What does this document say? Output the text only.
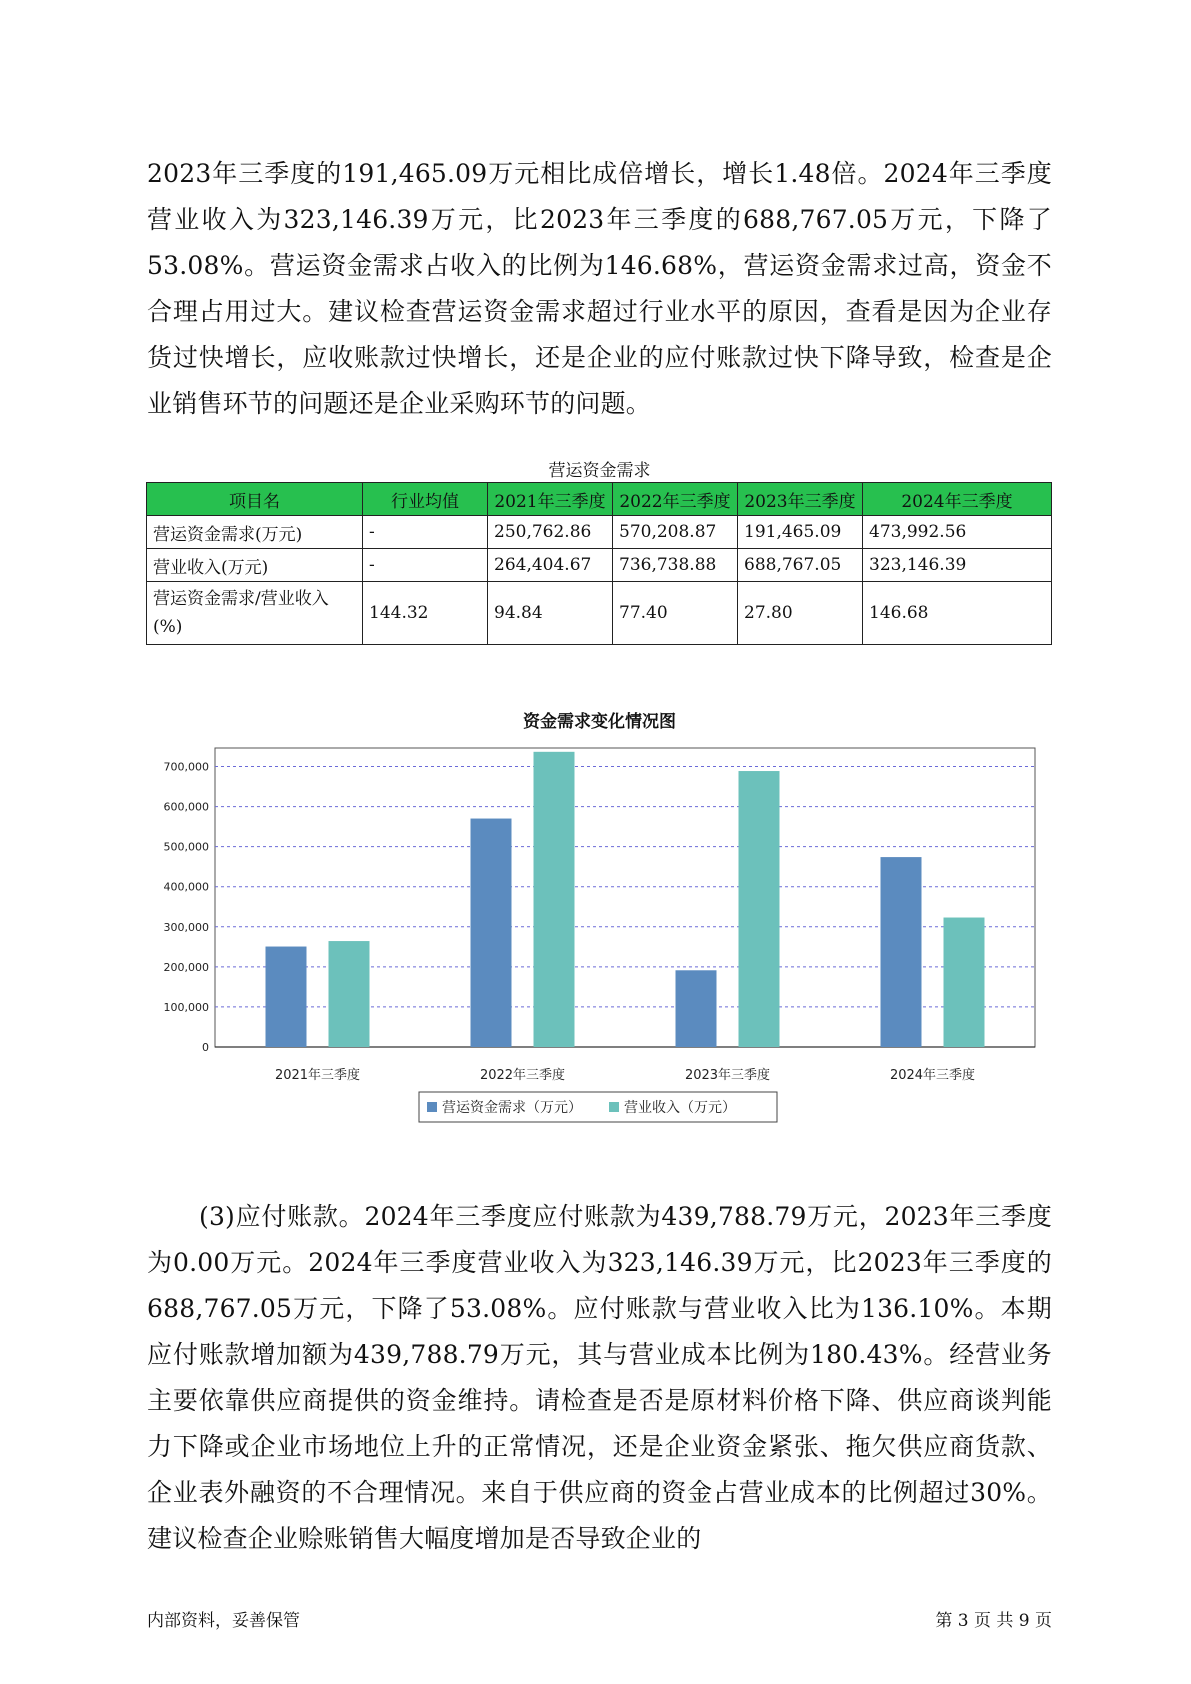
2023年三季度的191,465.09万元相比成倍增长，增长1.48倍。2024年三季度营业收入为323,146.39万元，比2023年三季度的688,767.05万元，下降了53.08%。营运资金需求占收入的比例为146.68%，营运资金需求过高，资金不合理占用过大。建议检查营运资金需求超过行业水平的原因，查看是因为企业存货过快增长，应收账款过快增长，还是企业的应付账款过快下降导致，检查是企业销售环节的问题还是企业采购环节的问题。

营运资金需求
项目名	行业均值	2021年三季度	2022年三季度	2023年三季度	2024年三季度
营运资金需求(万元)	-	250,762.86	570,208.87	191,465.09	473,992.56
营业收入(万元)	-	264,404.67	736,738.88	688,767.05	323,146.39
营运资金需求/营业收入(%)	144.32	94.84	77.40	27.80	146.68
资金需求变化情况图
0
100,000
200,000
300,000
400,000
500,000
600,000
700,000
2021年三季度	2022年三季度	2023年三季度	2024年三季度
营运资金需求（万元）	营业收入（万元）

(3)应付账款。2024年三季度应付账款为439,788.79万元，2023年三季度为0.00万元。2024年三季度营业收入为323,146.39万元，比2023年三季度的688,767.05万元，下降了53.08%。应付账款与营业收入比为136.10%。本期应付账款增加额为439,788.79万元，其与营业成本比例为180.43%。经营业务主要依靠供应商提供的资金维持。请检查是否是原材料价格下降、供应商谈判能力下降或企业市场地位上升的正常情况，还是企业资金紧张、拖欠供应商货款、企业表外融资的不合理情况。来自于供应商的资金占营业成本的比例超过30%。建议检查企业赊账销售大幅度增加是否导致企业的

内部资料，妥善保管	第 3 页 共 9 页
